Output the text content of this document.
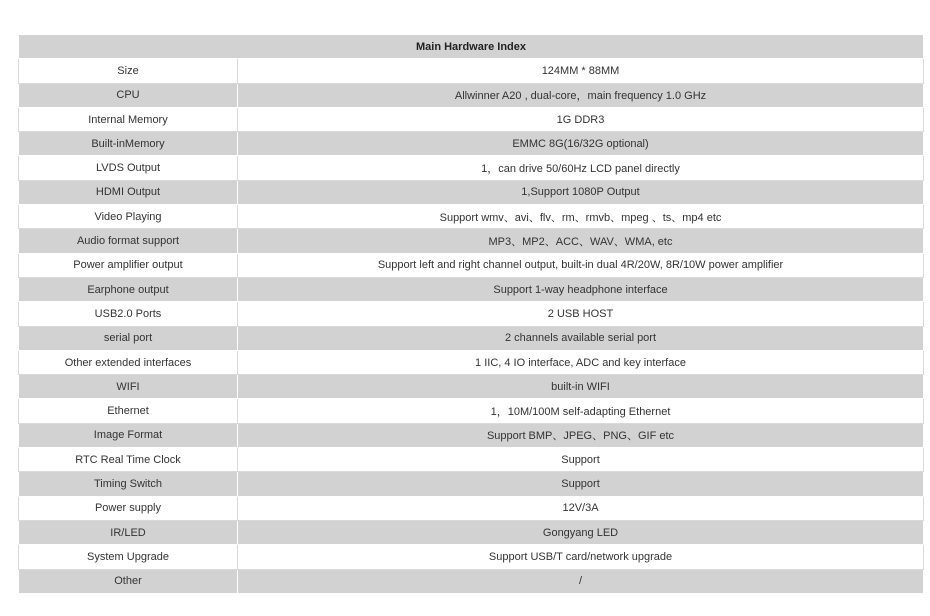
Main Hardware Index	
Size	124MM * 88MM
CPU	Allwinner A20 , dual-core，main frequency 1.0 GHz
Internal Memory	1G DDR3
Built-inMemory	EMMC 8G(16/32G optional)
LVDS Output	1，can drive 50/60Hz LCD panel directly
HDMI Output	1,Support 1080P Output
Video Playing	Support wmv、avi、flv、rm、rmvb、mpeg 、ts、mp4 etc
Audio format support	MP3、MP2、ACC、WAV、WMA, etc
Power amplifier output	Support left and right channel output, built-in dual 4R/20W, 8R/10W power amplifier
Earphone output	Support 1-way headphone interface
USB2.0 Ports	2 USB HOST
serial port	2 channels available serial port
Other extended interfaces	1 IIC, 4 IO interface, ADC and key interface
WIFI	built-in WIFI
Ethernet	1，10M/100M self-adapting Ethernet
Image Format	Support BMP、JPEG、PNG、GIF etc
RTC Real Time Clock	Support
Timing Switch	Support
Power supply	12V/3A
IR/LED	Gongyang LED
System Upgrade	Support USB/T card/network upgrade
Other	/
